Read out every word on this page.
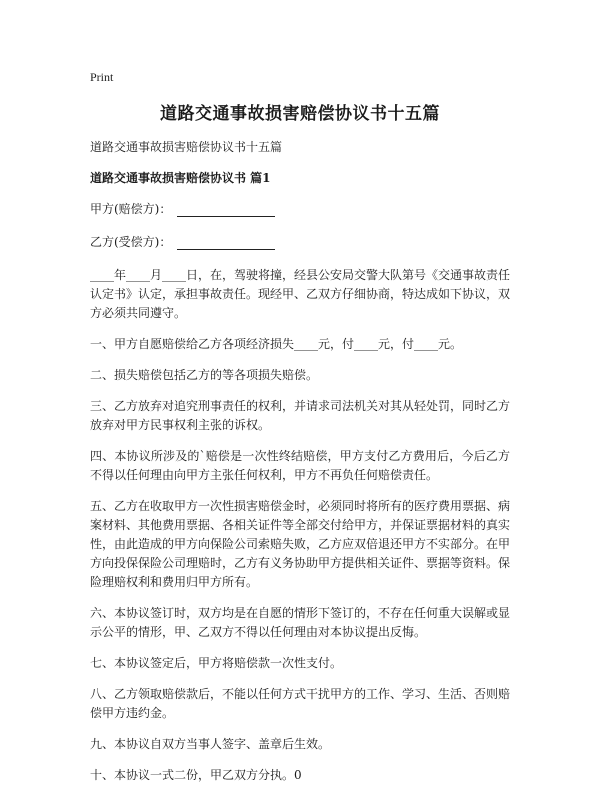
Print
道路交通事故损害赔偿协议书十五篇

道路交通事故损害赔偿协议书十五篇

道路交通事故损害赔偿协议书 篇1

甲方(赔偿方)：
乙方(受偿方)：

____年____月____日，在，驾驶将撞，经县公安局交警大队第号《交通事故责任认定书》认定，承担事故责任。现经甲、乙双方仔细协商，特达成如下协议，双方必须共同遵守。

一、甲方自愿赔偿给乙方各项经济损失____元，付____元，付____元。

二、损失赔偿包括乙方的等各项损失赔偿。

三、乙方放弃对追究刑事责任的权利，并请求司法机关对其从轻处罚，同时乙方放弃对甲方民事权利主张的诉权。

四、本协议所涉及的`赔偿是一次性终结赔偿，甲方支付乙方费用后，今后乙方不得以任何理由向甲方主张任何权利，甲方不再负任何赔偿责任。

五、乙方在收取甲方一次性损害赔偿金时，必须同时将所有的医疗费用票据、病案材料、其他费用票据、各相关证件等全部交付给甲方，并保证票据材料的真实性，由此造成的甲方向保险公司索赔失败，乙方应双倍退还甲方不实部分。在甲方向投保保险公司理赔时，乙方有义务协助甲方提供相关证件、票据等资料。保险理赔权利和费用归甲方所有。

六、本协议签订时，双方均是在自愿的情形下签订的，不存在任何重大误解或显示公平的情形，甲、乙双方不得以任何理由对本协议提出反悔。

七、本协议签定后，甲方将赔偿款一次性支付。

八、乙方领取赔偿款后，不能以任何方式干扰甲方的工作、学习、生活、否则赔偿甲方违约金。

九、本协议自双方当事人签字、盖章后生效。

十、本协议一式二份，甲乙双方分执。0
